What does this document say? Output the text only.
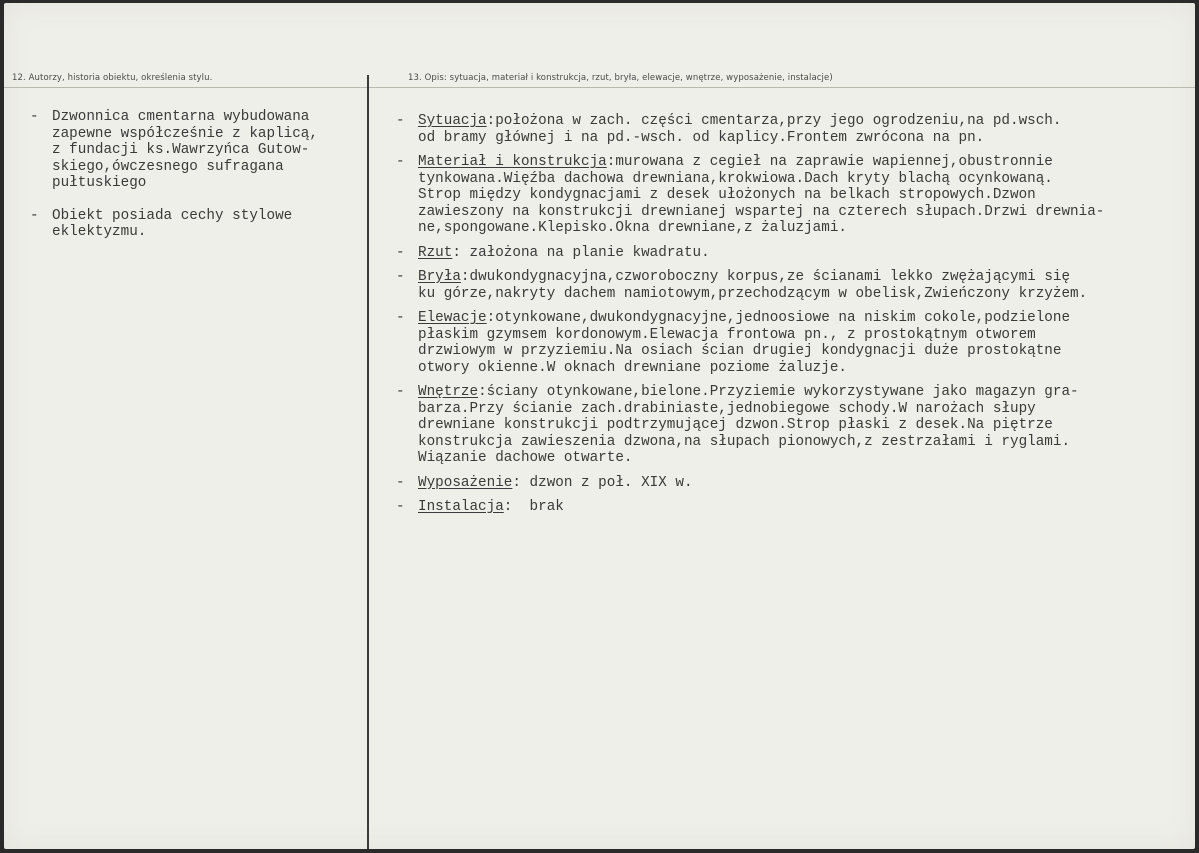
12. Autorzy, historia obiektu, określenia stylu.	13. Opis: sytuacja, materiał i konstrukcja, rzut, bryła, elewacje, wnętrze, wyposażenie, instalacje)
- Dzwonnica cmentarna wybudowana
zapewne współcześnie z kaplicą,
z fundacji ks.Wawrzyńca Gutow-
skiego,ówczesnego sufragana
pułtuskiego
- Obiekt posiada cechy stylowe
eklektyzmu.
- Sytuacja:położona w zach. części cmentarza,przy jego ogrodzeniu,na pd.wsch.
od bramy głównej i na pd.-wsch. od kaplicy.Frontem zwrócona na pn.
- Materiał i konstrukcja:murowana z cegieł na zaprawie wapiennej,obustronnie
tynkowana.Więźba dachowa drewniana,krokwiowa.Dach kryty blachą ocynkowaną.
Strop między kondygnacjami z desek ułożonych na belkach stropowych.Dzwon
zawieszony na konstrukcji drewnianej wspartej na czterech słupach.Drzwi drewnia-
ne,spongowane.Klepisko.Okna drewniane,z żaluzjami.
- Rzut: założona na planie kwadratu.
- Bryła:dwukondygnacyjna,czworoboczny korpus,ze ścianami lekko zwężającymi się
ku górze,nakryty dachem namiotowym,przechodzącym w obelisk,Zwieńczony krzyżem.
- Elewacje:otynkowane,dwukondygnacyjne,jednoosiowe na niskim cokole,podzielone
płaskim gzymsem kordonowym.Elewacja frontowa pn., z prostokątnym otworem
drzwiowym w przyziemiu.Na osiach ścian drugiej kondygnacji duże prostokątne
otwory okienne.W oknach drewniane poziome żaluzje.
- Wnętrze:ściany otynkowane,bielone.Przyziemie wykorzystywane jako magazyn gra-
barza.Przy ścianie zach.drabiniaste,jednobiegowe schody.W narożach słupy
drewniane konstrukcji podtrzymującej dzwon.Strop płaski z desek.Na piętrze
konstrukcja zawieszenia dzwona,na słupach pionowych,z zestrzałami i ryglami.
Wiązanie dachowe otwarte.
- Wyposażenie: dzwon z poł. XIX w.
- Instalacja:  brak
